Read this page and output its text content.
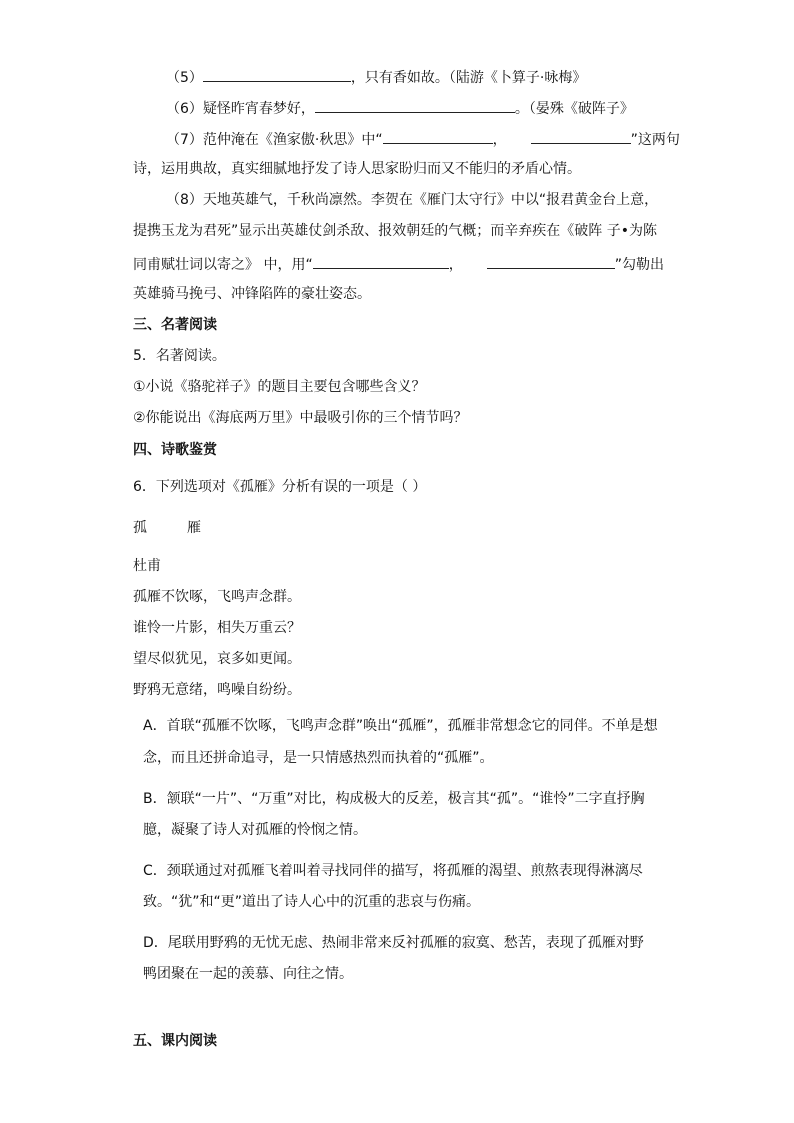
（5）	，只有香如故。（陆游《卜算子·咏梅》
（6）疑怪昨宵春梦好，	。（晏殊《破阵子》
（7）范仲淹在《渔家傲·秋思》中“	，	”这两句
诗，运用典故，真实细腻地抒发了诗人思家盼归而又不能归的矛盾心情。
（8）天地英雄气，千秋尚凛然。李贺在《雁门太守行》中以“报君黄金台上意，
提携玉龙为君死”显示出英雄仗剑杀敌、报效朝廷的气概；而辛弃疾在《破阵 子•为陈
同甫赋壮词以寄之》 中，用“	，	”勾勒出
英雄骑马挽弓、冲锋陷阵的豪壮姿态。
三、名著阅读
5．名著阅读。
①小说《骆驼祥子》的题目主要包含哪些含义？
②你能说出《海底两万里》中最吸引你的三个情节吗？
四、诗歌鉴赏
6．下列选项对《孤雁》分析有误的一项是（ ）
孤	雁
杜甫
孤雁不饮啄，飞鸣声念群。
谁怜一片影，相失万重云？
望尽似犹见，哀多如更闻。
野鸦无意绪，鸣噪自纷纷。
A．首联“孤雁不饮啄，飞鸣声念群”唤出“孤雁”，孤雁非常想念它的同伴。不单是想
念，而且还拼命追寻，是一只情感热烈而执着的“孤雁”。
B．颔联“一片”、“万重”对比，构成极大的反差，极言其“孤”。“谁怜”二字直抒胸
臆，凝聚了诗人对孤雁的怜悯之情。
C．颈联通过对孤雁飞着叫着寻找同伴的描写，将孤雁的渴望、煎熬表现得淋漓尽
致。“犹”和“更”道出了诗人心中的沉重的悲哀与伤痛。
D．尾联用野鸦的无忧无虑、热闹非常来反衬孤雁的寂寞、愁苦，表现了孤雁对野
鸭团聚在一起的羡慕、向往之情。
五、课内阅读
